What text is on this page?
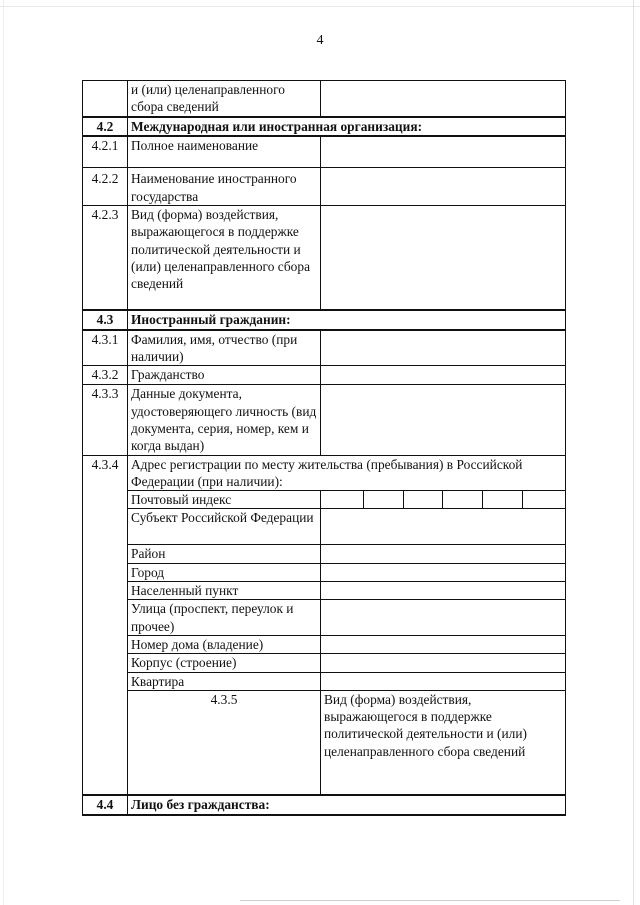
4
	и (или) целенаправленного сбора сведений		
4.2	Международная или иностранная организация:		
4.2.1	Полное наименование		
4.2.2	Наименование иностранного государства		
4.2.3	Вид (форма) воздействия, выражающегося в поддержке политической деятельности и (или) целенаправленного сбора сведений		
4.3	Иностранный гражданин:		
4.3.1	Фамилия, имя, отчество (при наличии)		
4.3.2	Гражданство		
4.3.3	Данные документа, удостоверяющего личность (вид документа, серия, номер, кем и когда выдан)		
4.3.4	Адрес регистрации по месту жительства (пребывания) в Российской Федерации (при наличии):		
	Почтовый индекс		

	Субъект Российской Федерации		
	Район		
	Город		
	Населенный пункт		
	Улица (проспект, переулок и прочее)		
	Номер дома (владение)		
	Корпус (строение)		
	Квартира		
	4.3.5	Вид (форма) воздействия, выражающегося в поддержке политической деятельности и (или) целенаправленного сбора сведений	
4.4	Лицо без гражданства:		
